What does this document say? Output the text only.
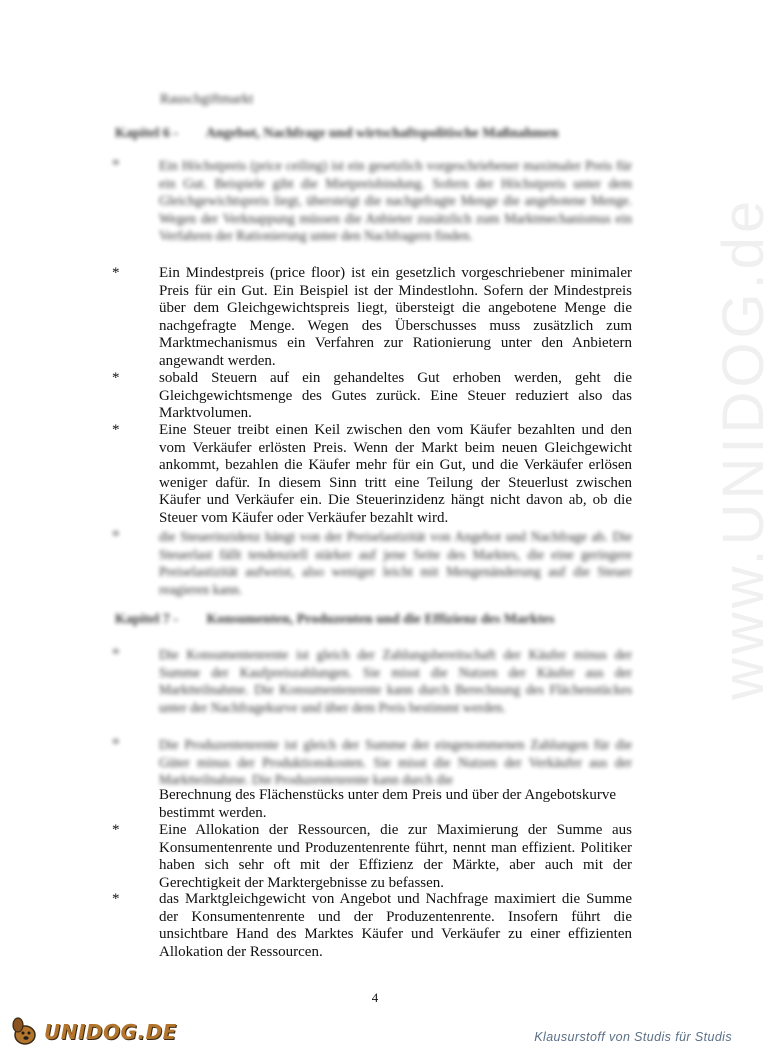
www.UNIDOG.de
Rauschgiftmarkt
Kapitel 6 - Angebot, Nachfrage und wirtschaftspolitische Maßnahmen
*	Ein Höchstpreis (price ceiling) ist ein gesetzlich vorgeschriebener maximaler Preis für ein Gut. Beispiele gibt die Mietpreisbindung. Sofern der Höchstpreis unter dem Gleichgewichtspreis liegt, übersteigt die nachgefragte Menge die angebotene Menge. Wegen der Verknappung müssen die Anbieter zusätzlich zum Marktmechanismus ein Verfahren der Rationierung unter den Nachfragern finden.
*	Ein Mindestpreis (price floor) ist ein gesetzlich vorgeschriebener minimaler Preis für ein Gut. Ein Beispiel ist der Mindestlohn. Sofern der Mindestpreis über dem Gleichgewichtspreis liegt, übersteigt die angebotene Menge die nachgefragte Menge. Wegen des Überschusses muss zusätzlich zum Marktmechanismus ein Verfahren zur Rationierung unter den Anbietern angewandt werden.
*	sobald Steuern auf ein gehandeltes Gut erhoben werden, geht die Gleichgewichtsmenge des Gutes zurück. Eine Steuer reduziert also das Marktvolumen.
*	Eine Steuer treibt einen Keil zwischen den vom Käufer bezahlten und den vom Verkäufer erlösten Preis. Wenn der Markt beim neuen Gleichgewicht ankommt, bezahlen die Käufer mehr für ein Gut, und die Verkäufer erlösen weniger dafür. In diesem Sinn tritt eine Teilung der Steuerlust zwischen Käufer und Verkäufer ein. Die Steuerinzidenz hängt nicht davon ab, ob die Steuer vom Käufer oder Verkäufer bezahlt wird.
*	die Steuerinzidenz hängt von der Preiselastizität von Angebot und Nachfrage ab. Die Steuerlast fällt tendenziell stärker auf jene Seite des Marktes, die eine geringere Preiselastizität aufweist, also weniger leicht mit Mengenänderung auf die Steuer reagieren kann.
Kapitel 7 - Konsumenten, Produzenten und die Effizienz des Marktes
*	Die Konsumentenrente ist gleich der Zahlungsbereitschaft der Käufer minus der Summe der Kaufpreiszahlungen. Sie misst die Nutzen der Käufer aus der Marktteilnahme. Die Konsumentenrente kann durch Berechnung des Flächenstückes unter der Nachfragekurve und über dem Preis bestimmt werden.
*	Die Produzentenrente ist gleich der Summe der eingenommenen Zahlungen für die Güter minus der Produktionskosten. Sie misst die Nutzen der Verkäufer aus der Marktteilnahme. Die Produzentenrente kann durch die
Berechnung des Flächenstücks unter dem Preis und über der Angebotskurve bestimmt werden.
*	Eine Allokation der Ressourcen, die zur Maximierung der Summe aus Konsumentenrente und Produzentenrente führt, nennt man effizient. Politiker haben sich sehr oft mit der Effizienz der Märkte, aber auch mit der Gerechtigkeit der Marktergebnisse zu befassen.
*	das Marktgleichgewicht von Angebot und Nachfrage maximiert die Summe der Konsumentenrente und der Produzentenrente. Insofern führt die unsichtbare Hand des Marktes Käufer und Verkäufer zu einer effizienten Allokation der Ressourcen.
4
UNIDOG.DE	Klausurstoff von Studis für Studis
